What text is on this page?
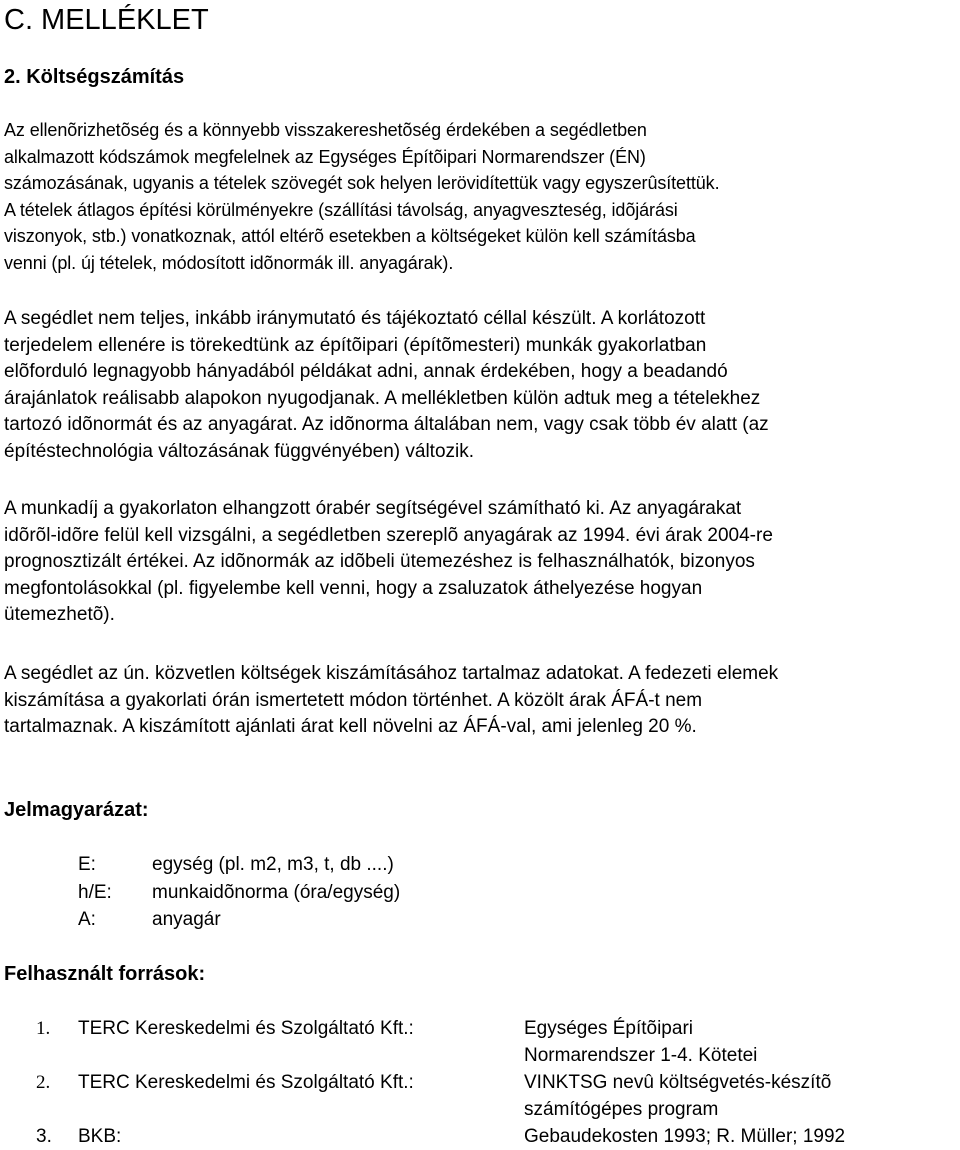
C. MELLÉKLET
2. Költségszámítás
Az ellenõrizhetõség és a könnyebb visszakereshetõség érdekében a segédletben
alkalmazott kódszámok megfelelnek az Egységes Építõipari Normarendszer (ÉN)
számozásának, ugyanis a tételek szövegét sok helyen lerövidítettük vagy egyszerûsítettük.
A tételek átlagos építési körülményekre (szállítási távolság, anyagveszteség, idõjárási
viszonyok, stb.) vonatkoznak, attól eltérõ esetekben a költségeket külön kell számításba
venni (pl. új tételek, módosított idõnormák ill. anyagárak).
A segédlet nem teljes, inkább iránymutató és tájékoztató céllal készült. A korlátozott
terjedelem ellenére is törekedtünk az építõipari (építõmesteri) munkák gyakorlatban
elõforduló legnagyobb hányadából példákat adni, annak érdekében, hogy a beadandó
árajánlatok reálisabb alapokon nyugodjanak. A mellékletben külön adtuk meg a tételekhez
tartozó idõnormát és az anyagárat. Az idõnorma általában nem, vagy csak több év alatt (az
építéstechnológia változásának függvényében) változik.
A munkadíj a gyakorlaton elhangzott órabér segítségével számítható ki. Az anyagárakat
idõrõl-idõre felül kell vizsgálni, a segédletben szereplõ anyagárak az 1994. évi árak 2004-re
prognosztizált értékei. Az idõnormák az idõbeli ütemezéshez is felhasználhatók, bizonyos
megfontolásokkal (pl. figyelembe kell venni, hogy a zsaluzatok áthelyezése hogyan
ütemezhetõ).
A segédlet az ún. közvetlen költségek kiszámításához tartalmaz adatokat. A fedezeti elemek
kiszámítása a gyakorlati órán ismertetett módon történhet. A közölt árak ÁFÁ-t nem
tartalmaznak. A kiszámított ajánlati árat kell növelni az ÁFÁ-val, ami jelenleg 20 %.
Jelmagyarázat:
E:	egység (pl. m2, m3, t, db ....)
h/E:	munkaidõnorma (óra/egység)
A:	anyagár
Felhasznált források:
1. TERC Kereskedelmi és Szolgáltató Kft.:	Egységes Építõipari
Normarendszer 1-4. Kötetei
2. TERC Kereskedelmi és Szolgáltató Kft.:	VINKTSG nevû költségvetés-készítõ
számítógépes program
3. BKB:	Gebaudekosten 1993; R. Müller; 1992
